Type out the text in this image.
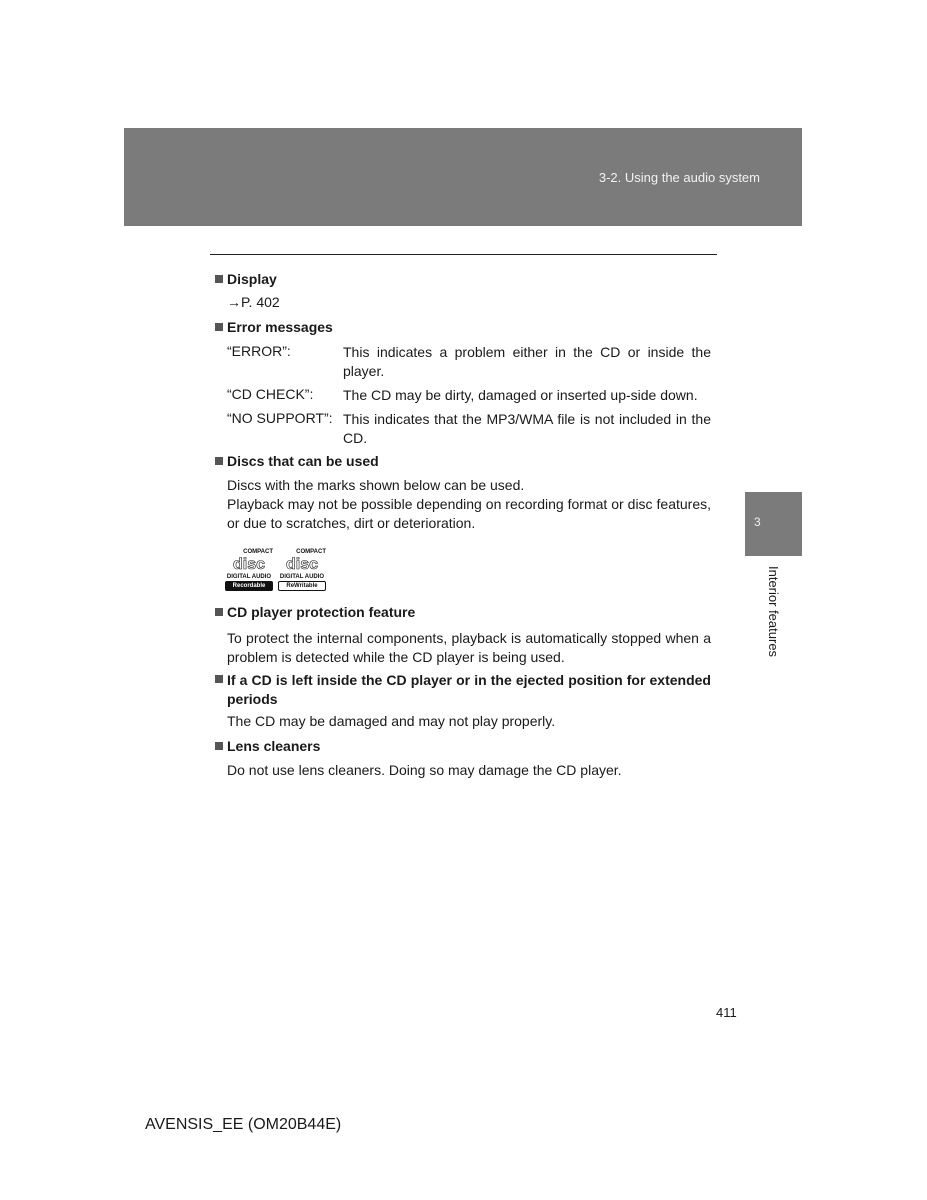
3-2. Using the audio system
Display
→P. 402
Error messages
“ERROR”:	This indicates a problem either in the CD or inside the player.
“CD CHECK”: The CD may be dirty, damaged or inserted up-side down.
“NO SUPPORT”: This indicates that the MP3/WMA file is not included in the CD.
Discs that can be used
Discs with the marks shown below can be used.
Playback may not be possible depending on recording format or disc features, or due to scratches, dirt or deterioration.
COMPACT
disc
DIGITAL AUDIO
Recordable
COMPACT
disc
DIGITAL AUDIO
ReWritable
CD player protection feature
To protect the internal components, playback is automatically stopped when a problem is detected while the CD player is being used.
If a CD is left inside the CD player or in the ejected position for extended periods
The CD may be damaged and may not play properly.
Lens cleaners
Do not use lens cleaners. Doing so may damage the CD player.
3
Interior features
411
AVENSIS_EE (OM20B44E)
